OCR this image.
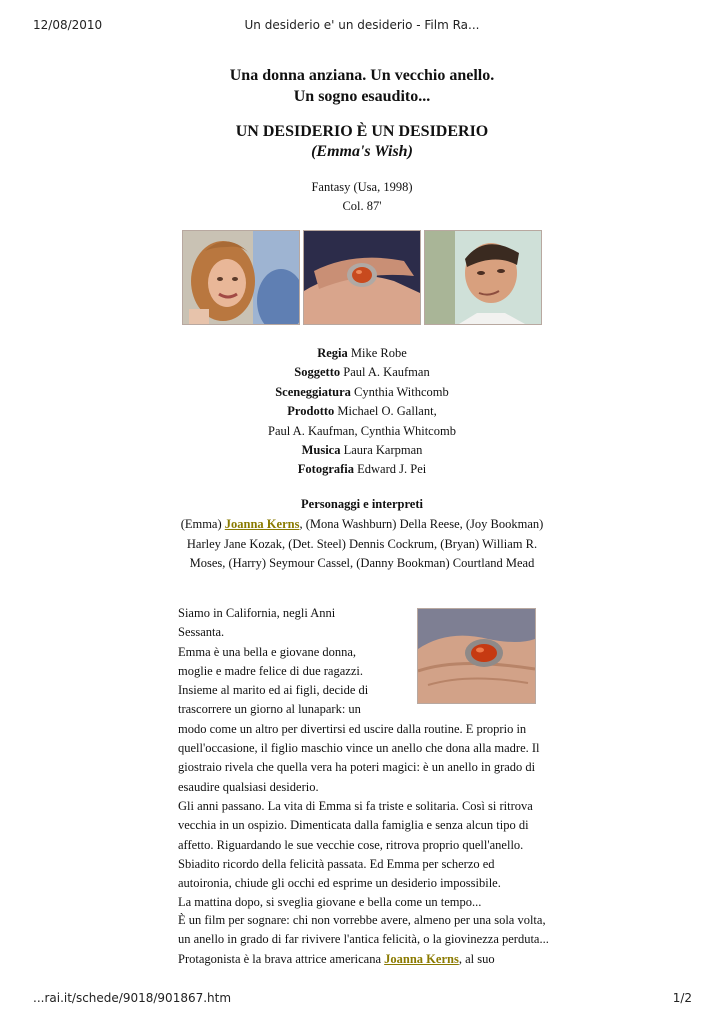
12/08/2010	Un desiderio e' un desiderio - Film Ra...
Una donna anziana. Un vecchio anello.
Un sogno esaudito...
UN DESIDERIO È UN DESIDERIO
(Emma's Wish)
Fantasy (Usa, 1998)
Col. 87'
Regia Mike Robe
Soggetto Paul A. Kaufman
Sceneggiatura Cynthia Withcomb
Prodotto Michael O. Gallant,
Paul A. Kaufman, Cynthia Whitcomb
Musica Laura Karpman
Fotografia Edward J. Pei
Personaggi e interpreti
(Emma) Joanna Kerns, (Mona Washburn) Della Reese, (Joy Bookman) Harley Jane Kozak, (Det. Steel) Dennis Cockrum, (Bryan) William R. Moses, (Harry) Seymour Cassel, (Danny Bookman) Courtland Mead

Siamo in California, negli Anni Sessanta.

Emma è una bella e giovane donna, moglie e madre felice di due ragazzi.

Insieme al marito ed ai figli, decide di trascorrere un giorno al lunapark: un modo come un altro per divertirsi ed uscire dalla routine. E proprio in quell'occasione, il figlio maschio vince un anello che dona alla madre. Il giostraio rivela che quella vera ha poteri magici: è un anello in grado di esaudire qualsiasi desiderio.

Gli anni passano. La vita di Emma si fa triste e solitaria. Così si ritrova vecchia in un ospizio. Dimenticata dalla famiglia e senza alcun tipo di affetto. Riguardando le sue vecchie cose, ritrova proprio quell'anello. Sbiadito ricordo della felicità passata. Ed Emma per scherzo ed autoironia, chiude gli occhi ed esprime un desiderio impossibile.

La mattina dopo, si sveglia giovane e bella come un tempo...

È un film per sognare: chi non vorrebbe avere, almeno per una sola volta, un anello in grado di far rivivere l'antica felicità, o la giovinezza perduta...

Protagonista è la brava attrice americana Joanna Kerns, al suo

...rai.it/schede/9018/901867.htm	1/2
